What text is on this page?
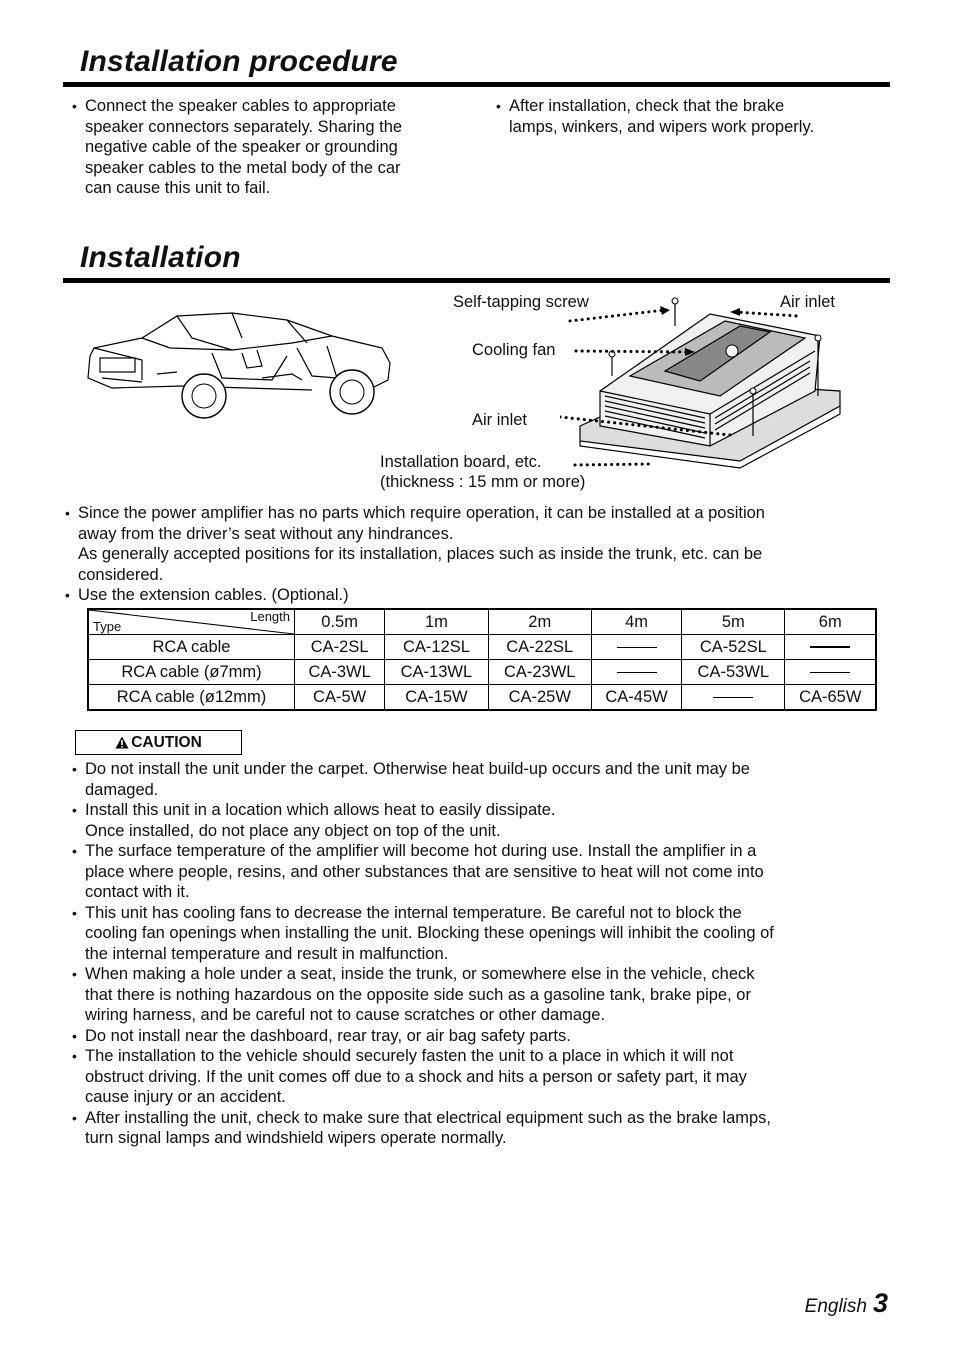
Installation procedure
• Connect the speaker cables to appropriate
speaker connectors separately. Sharing the
negative cable of the speaker or grounding
speaker cables to the metal body of the car
can cause this unit to fail.
• After installation, check that the brake
lamps, winkers, and wipers work properly.
Installation
Self-tapping screw	Air inlet
Cooling fan
Air inlet
Installation board, etc.
(thickness : 15 mm or more)
• Since the power amplifier has no parts which require operation, it can be installed at a position
away from the driver’s seat without any hindrances.
As generally accepted positions for its installation, places such as inside the trunk, etc. can be
considered.
• Use the extension cables. (Optional.)
Length
Type	0.5m	1m	2m	4m	5m	6m
RCA cable	CA-2SL	CA-12SL	CA-22SL		CA-52SL	
RCA cable (ø7mm)	CA-3WL	CA-13WL	CA-23WL		CA-53WL	
RCA cable (ø12mm)	CA-5W	CA-15W	CA-25W	CA-45W		CA-65W
CAUTION
• Do not install the unit under the carpet. Otherwise heat build-up occurs and the unit may be
damaged.
• Install this unit in a location which allows heat to easily dissipate.
Once installed, do not place any object on top of the unit.
• The surface temperature of the amplifier will become hot during use. Install the amplifier in a
place where people, resins, and other substances that are sensitive to heat will not come into
contact with it.
• This unit has cooling fans to decrease the internal temperature. Be careful not to block the
cooling fan openings when installing the unit. Blocking these openings will inhibit the cooling of
the internal temperature and result in malfunction.
• When making a hole under a seat, inside the trunk, or somewhere else in the vehicle, check
that there is nothing hazardous on the opposite side such as a gasoline tank, brake pipe, or
wiring harness, and be careful not to cause scratches or other damage.
• Do not install near the dashboard, rear tray, or air bag safety parts.
• The installation to the vehicle should securely fasten the unit to a place in which it will not
obstruct driving. If the unit comes off due to a shock and hits a person or safety part, it may
cause injury or an accident.
• After installing the unit, check to make sure that electrical equipment such as the brake lamps,
turn signal lamps and windshield wipers operate normally.
English 3
